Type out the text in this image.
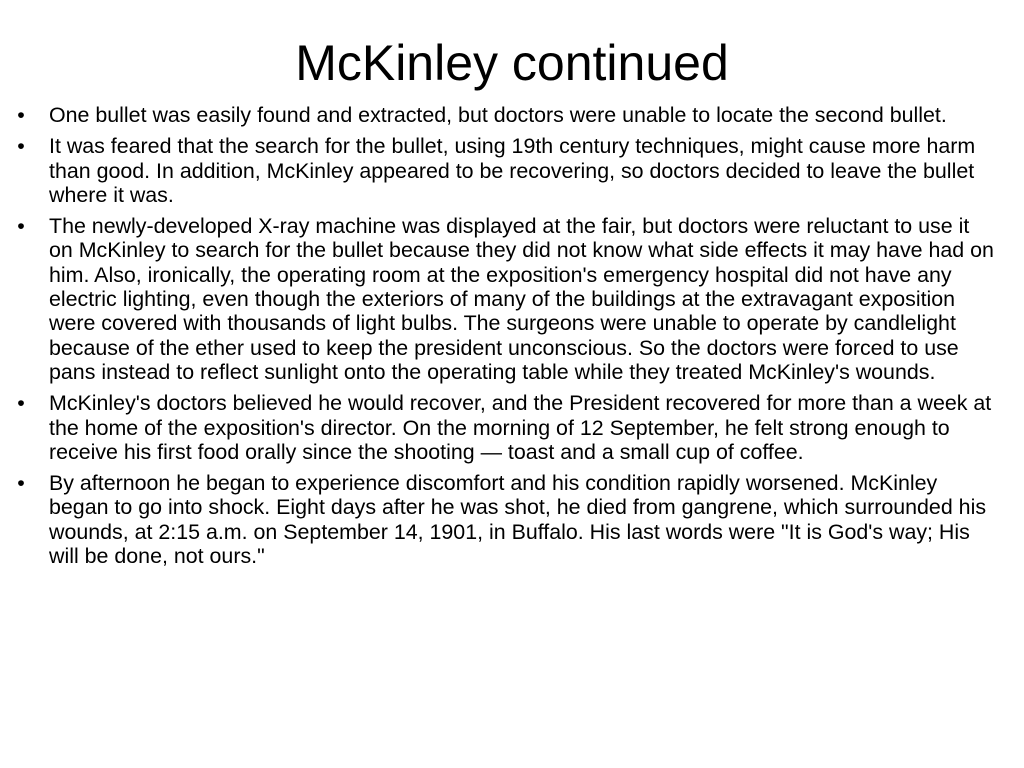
McKinley continued
• One bullet was easily found and extracted, but doctors were unable to locate the second bullet.
• It was feared that the search for the bullet, using 19th century techniques, might cause more harm than good. In addition, McKinley appeared to be recovering, so doctors decided to leave the bullet where it was.
• The newly-developed X-ray machine was displayed at the fair, but doctors were reluctant to use it on McKinley to search for the bullet because they did not know what side effects it may have had on him. Also, ironically, the operating room at the exposition's emergency hospital did not have any electric lighting, even though the exteriors of many of the buildings at the extravagant exposition were covered with thousands of light bulbs. The surgeons were unable to operate by candlelight because of the ether used to keep the president unconscious. So the doctors were forced to use pans instead to reflect sunlight onto the operating table while they treated McKinley's wounds.
• McKinley's doctors believed he would recover, and the President recovered for more than a week at the home of the exposition's director. On the morning of 12 September, he felt strong enough to receive his first food orally since the shooting — toast and a small cup of coffee.
• By afternoon he began to experience discomfort and his condition rapidly worsened. McKinley began to go into shock. Eight days after he was shot, he died from gangrene, which surrounded his wounds, at 2:15 a.m. on September 14, 1901, in Buffalo. His last words were "It is God's way; His will be done, not ours."
